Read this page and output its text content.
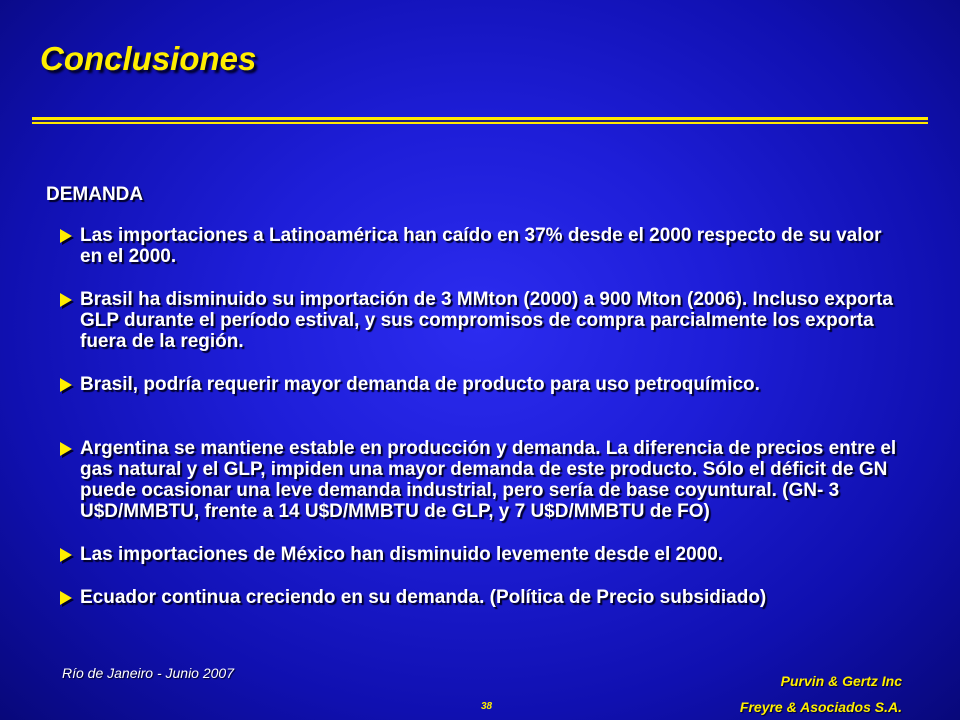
Conclusiones
DEMANDA
Las importaciones a Latinoamérica han caído en 37% desde el 2000 respecto de su valor en el 2000.
Brasil ha disminuido su importación de 3 MMton (2000) a 900 Mton (2006). Incluso exporta GLP durante el período estival, y sus compromisos de compra parcialmente los exporta fuera de la región.
Brasil, podría requerir mayor demanda de producto para uso petroquímico.
Argentina se mantiene estable en producción y demanda. La diferencia de precios entre el gas natural y el GLP, impiden una mayor demanda de este producto. Sólo el déficit de GN puede ocasionar una leve demanda industrial, pero sería de base coyuntural. (GN- 3 U$D/MMBTU, frente a 14 U$D/MMBTU de GLP, y 7 U$D/MMBTU de FO)
Las importaciones de México han disminuido levemente desde el 2000.
Ecuador continua creciendo en su demanda. (Política de Precio subsidiado)
Río de Janeiro - Junio 2007
38
Purvin & Gertz Inc
Freyre & Asociados S.A.
